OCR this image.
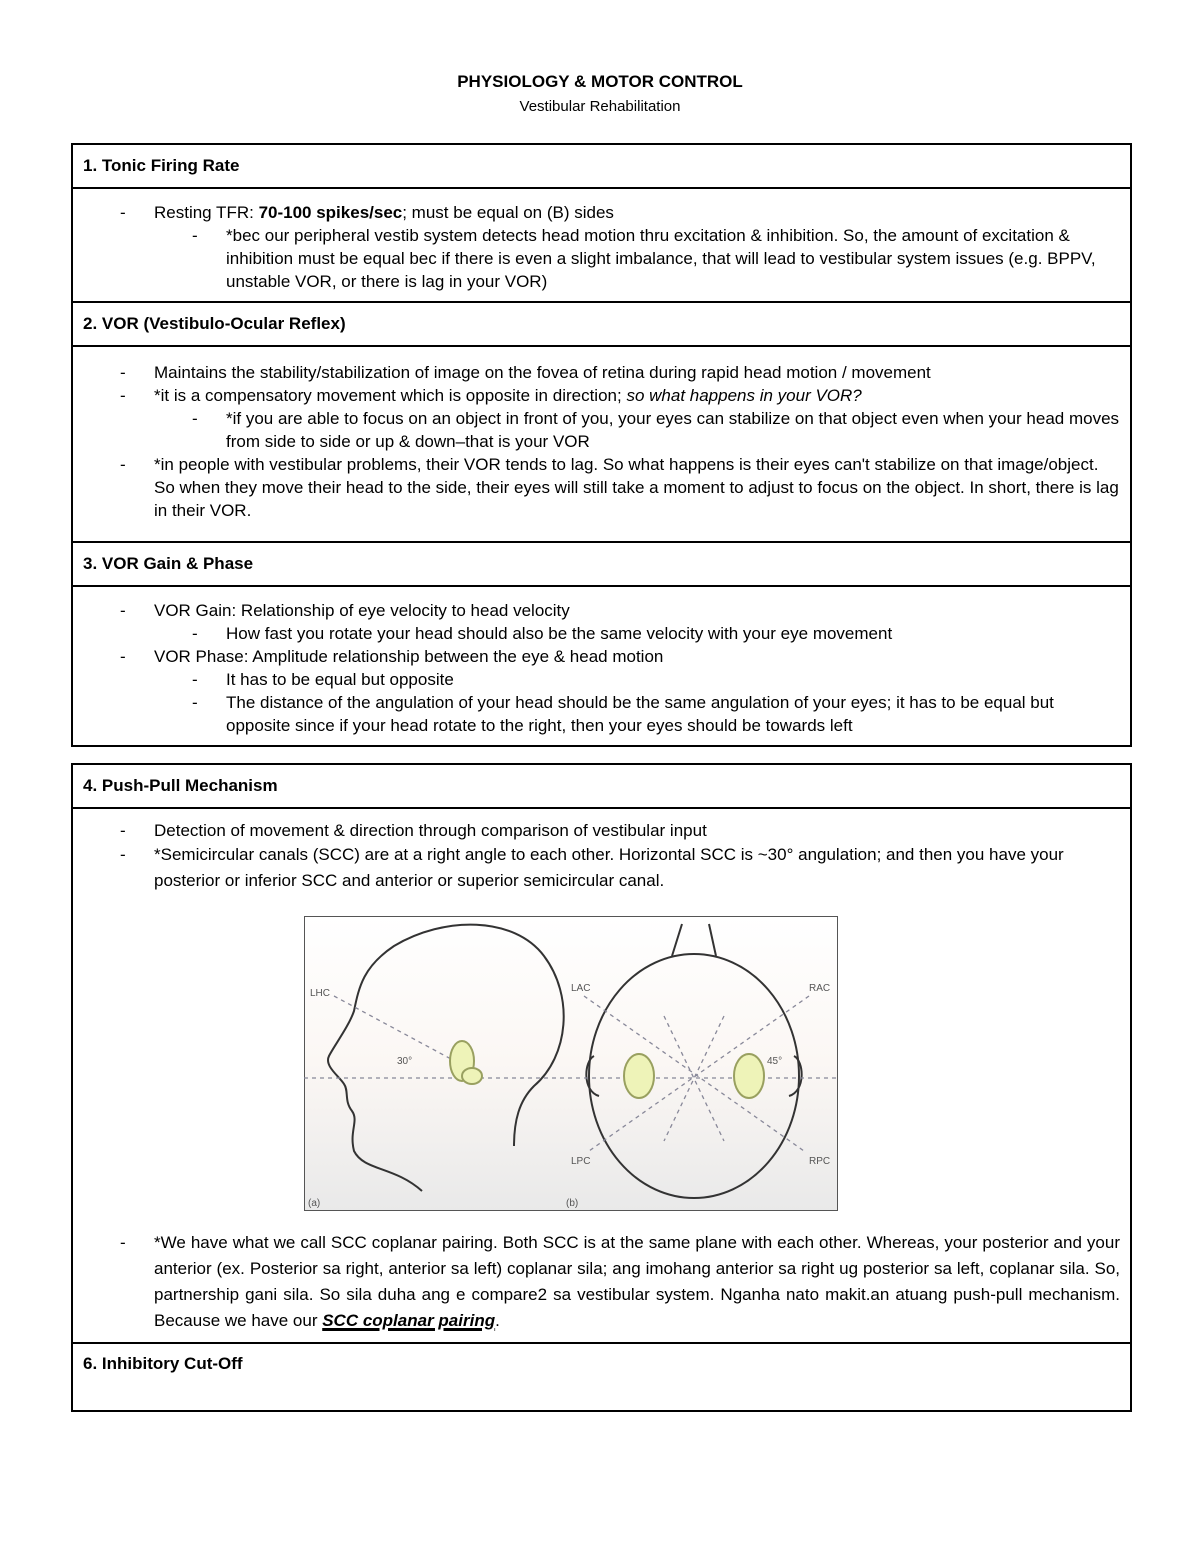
PHYSIOLOGY & MOTOR CONTROL
Vestibular Rehabilitation
1. Tonic Firing Rate

- Resting TFR: 70-100 spikes/sec; must be equal on (B) sides
- *bec our peripheral vestib system detects head motion thru excitation & inhibition. So, the amount of excitation & inhibition must be equal bec if there is even a slight imbalance, that will lead to vestibular system issues (e.g. BPPV, unstable VOR, or there is lag in your VOR)

2. VOR (Vestibulo-Ocular Reflex)

- Maintains the stability/stabilization of image on the fovea of retina during rapid head motion / movement
- *it is a compensatory movement which is opposite in direction; so what happens in your VOR?
- *if you are able to focus on an object in front of you, your eyes can stabilize on that object even when your head moves from side to side or up & down–that is your VOR
- *in people with vestibular problems, their VOR tends to lag. So what happens is their eyes can't stabilize on that image/object. So when they move their head to the side, their eyes will still take a moment to adjust to focus on the object. In short, there is lag in their VOR.

3. VOR Gain & Phase

- VOR Gain: Relationship of eye velocity to head velocity
- How fast you rotate your head should also be the same velocity with your eye movement
- VOR Phase: Amplitude relationship between the eye & head motion
- It has to be equal but opposite
- The distance of the angulation of your head should be the same angulation of your eyes; it has to be equal but opposite since if your head rotate to the right, then your eyes should be towards left
4. Push-Pull Mechanism

- Detection of movement & direction through comparison of vestibular input
- *Semicircular canals (SCC) are at a right angle to each other. Horizontal SCC is ~30° angulation; and then you have your posterior or inferior SCC and anterior or superior semicircular canal.
LHC
30°
LAC	RAC
LPC	RPC
45°
(a)	(b)
- *We have what we call SCC coplanar pairing. Both SCC is at the same plane with each other. Whereas, your posterior and your anterior (ex. Posterior sa right, anterior sa left) coplanar sila; ang imohang anterior sa right ug posterior sa left, coplanar sila. So, partnership gani sila. So sila duha ang e compare2 sa vestibular system. Nganha nato makit.an atuang push-pull mechanism. Because we have our SCC coplanar pairing.

6. Inhibitory Cut-Off
